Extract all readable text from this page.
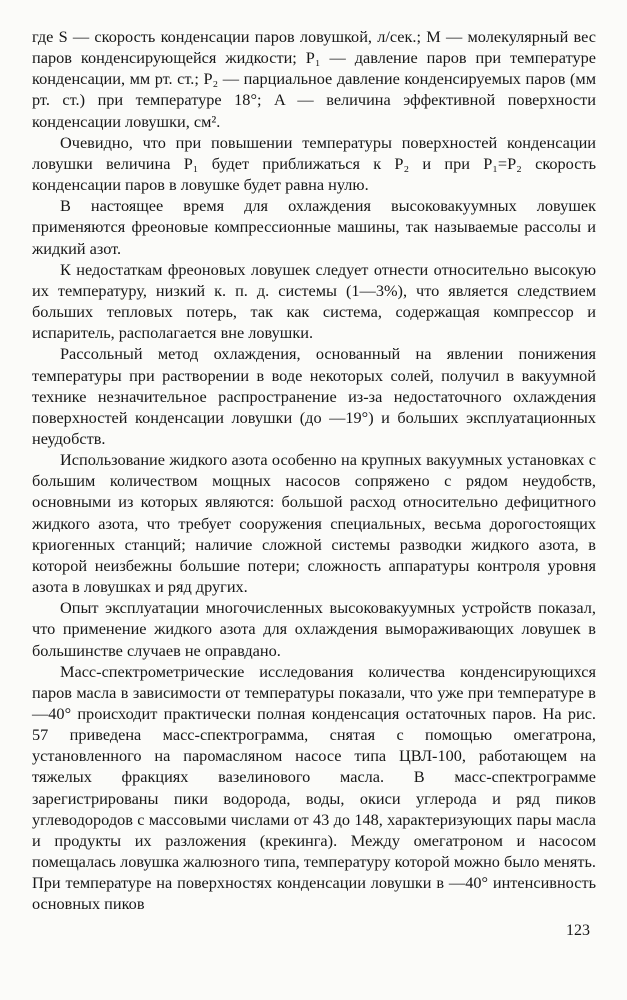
где S — скорость конденсации паров ловушкой, л/сек.; M — молекулярный вес паров конденсирующейся жидкости; P₁ — давление паров при температуре конденсации, мм рт. ст.; P₂ — парциальное давление конденсируемых паров (мм рт. ст.) при температуре 18°; A — величина эффективной поверхности конденсации ловушки, см².

Очевидно, что при повышении температуры поверхностей конденсации ловушки величина P₁ будет приближаться к P₂ и при P₁=P₂ скорость конденсации паров в ловушке будет равна нулю.

В настоящее время для охлаждения высоковакуумных ловушек применяются фреоновые компрессионные машины, так называемые рассолы и жидкий азот.

К недостаткам фреоновых ловушек следует отнести относительно высокую их температуру, низкий к. п. д. системы (1—3%), что является следствием больших тепловых потерь, так как система, содержащая компрессор и испаритель, располагается вне ловушки.

Рассольный метод охлаждения, основанный на явлении понижения температуры при растворении в воде некоторых солей, получил в вакуумной технике незначительное распространение из-за недостаточного охлаждения поверхностей конденсации ловушки (до —19°) и больших эксплуатационных неудобств.

Использование жидкого азота особенно на крупных вакуумных установках с большим количеством мощных насосов сопряжено с рядом неудобств, основными из которых являются: большой расход относительно дефицитного жидкого азота, что требует сооружения специальных, весьма дорогостоящих криогенных станций; наличие сложной системы разводки жидкого азота, в которой неизбежны большие потери; сложность аппаратуры контроля уровня азота в ловушках и ряд других.

Опыт эксплуатации многочисленных высоковакуумных устройств показал, что применение жидкого азота для охлаждения вымораживающих ловушек в большинстве случаев не оправдано.

Масс-спектрометрические исследования количества конденсирующихся паров масла в зависимости от температуры показали, что уже при температуре в —40° происходит практически полная конденсация остаточных паров. На рис. 57 приведена масс-спектрограмма, снятая с помощью омегатрона, установленного на паромасляном насосе типа ЦВЛ-100, работающем на тяжелых фракциях вазелинового масла. В масс-спектрограмме зарегистрированы пики водорода, воды, окиси углерода и ряд пиков углеводородов с массовыми числами от 43 до 148, характеризующих пары масла и продукты их разложения (крекинга). Между омегатроном и насосом помещалась ловушка жалюзного типа, температуру которой можно было менять. При температуре на поверхностях конденсации ловушки в —40° интенсивность основных пиков

123
